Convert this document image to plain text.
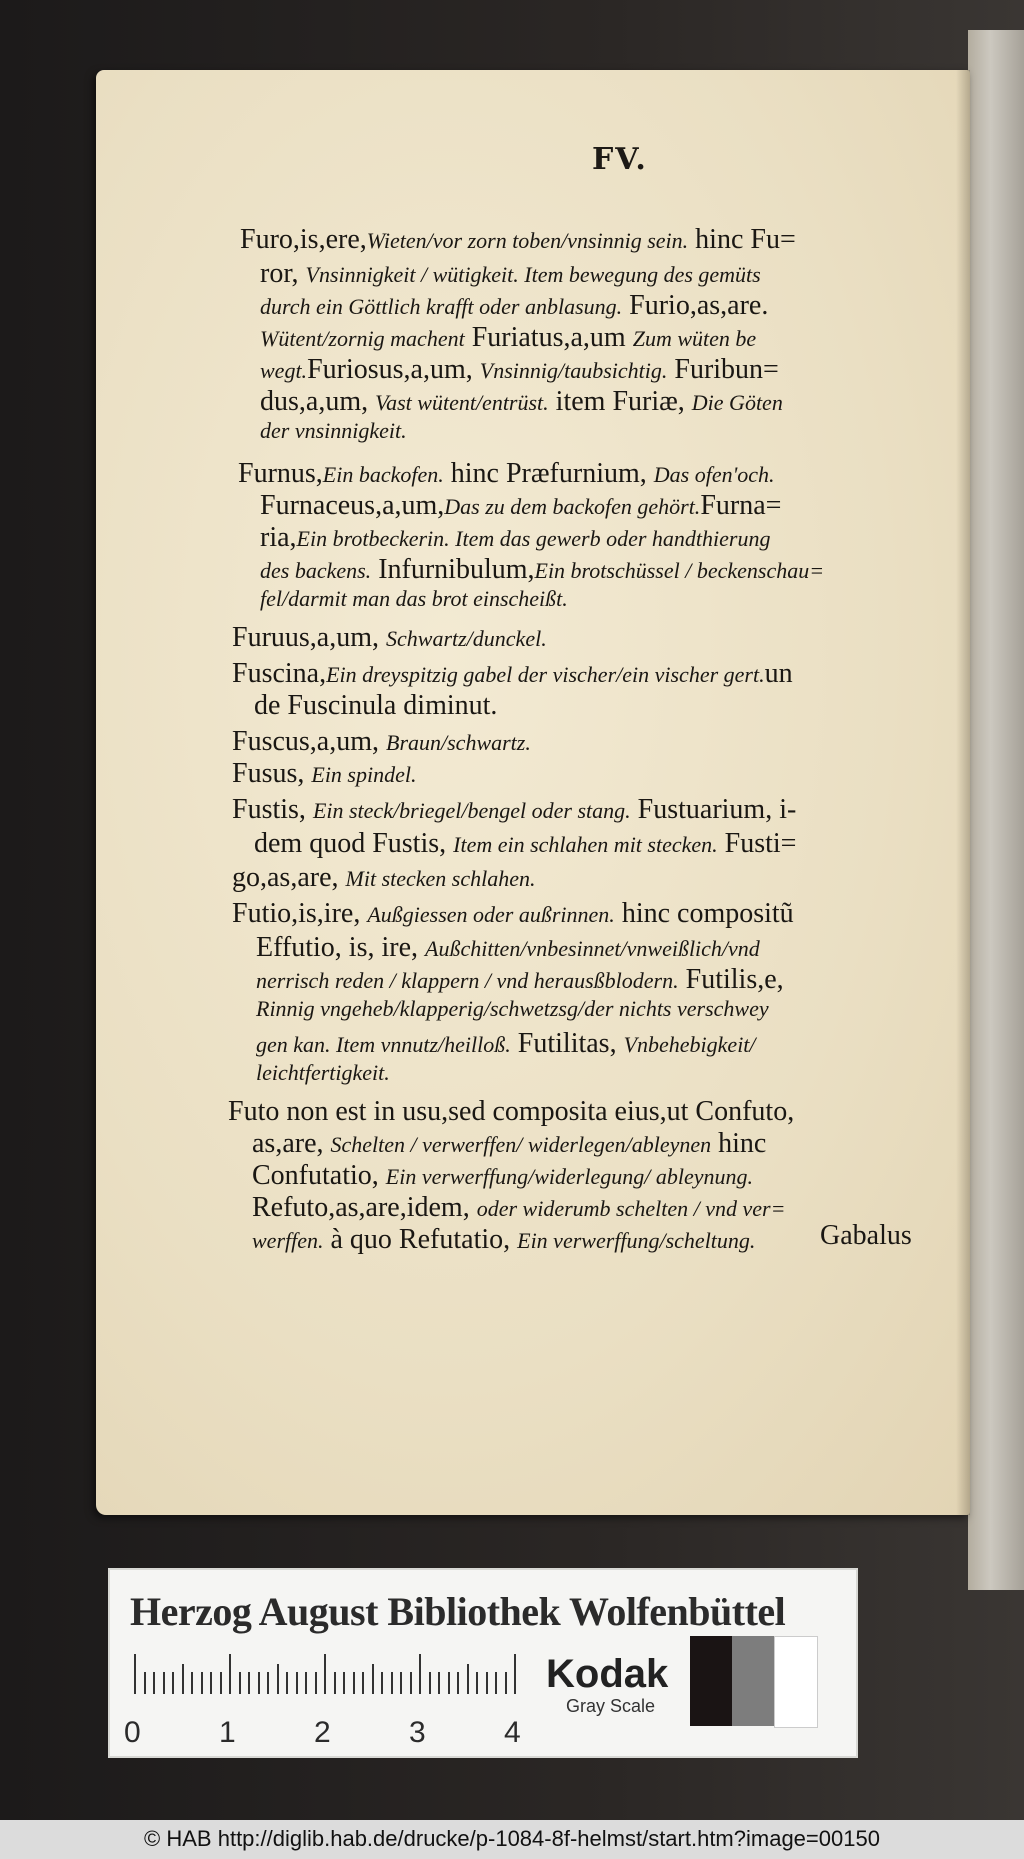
FV.
Furo,is,ere,Wieten/vor zorn toben/vnsinnig sein. hinc Fu=
ror, Vnsinnigkeit / wütigkeit. Item bewegung des gemüts
durch ein Göttlich krafft oder anblasung. Furio,as,are.
Wütent/zornig machent Furiatus,a,um Zum wüten be
wegt.Furiosus,a,um, Vnsinnig/taubsichtig. Furibun=
dus,a,um, Vast wütent/entrüst. item Furiæ, Die Göten
der vnsinnigkeit.
Furnus,Ein backofen. hinc Præfurnium, Das ofen'och.
Furnaceus,a,um,Das zu dem backofen gehört.Furna=
ria,Ein brotbeckerin. Item das gewerb oder handthierung
des backens. Infurnibulum,Ein brotschüssel / beckenschau=
fel/darmit man das brot einscheißt.
Furuus,a,um, Schwartz/dunckel.
Fuscina,Ein dreyspitzig gabel der vischer/ein vischer gert.un
de Fuscinula diminut.
Fuscus,a,um, Braun/schwartz.
Fusus, Ein spindel.
Fustis, Ein steck/briegel/bengel oder stang. Fustuarium, i-
dem quod Fustis, Item ein schlahen mit stecken. Fusti=
go,as,are, Mit stecken schlahen.
Futio,is,ire, Außgiessen oder außrinnen. hinc compositũ
Effutio, is, ire, Außchitten/vnbesinnet/vnweißlich/vnd
nerrisch reden / klappern / vnd herausßblodern. Futilis,e,
Rinnig vngeheb/klapperig/schwetzsg/der nichts verschwey
gen kan. Item vnnutz/heilloß. Futilitas, Vnbehebigkeit/
leichtfertigkeit.
Futo non est in usu,sed composita eius,ut Confuto,
as,are, Schelten / verwerffen/ widerlegen/ableynen hinc
Confutatio, Ein verwerffung/widerlegung/ ableynung.
Refuto,as,are,idem, oder widerumb schelten / vnd ver=
werffen. à quo Refutatio, Ein verwerffung/scheltung. Gabalus
Herzog August Bibliothek Wolfenbüttel
0	1	2	3	4
Kodak
Gray Scale
© HAB http://diglib.hab.de/drucke/p-1084-8f-helmst/start.htm?image=00150
